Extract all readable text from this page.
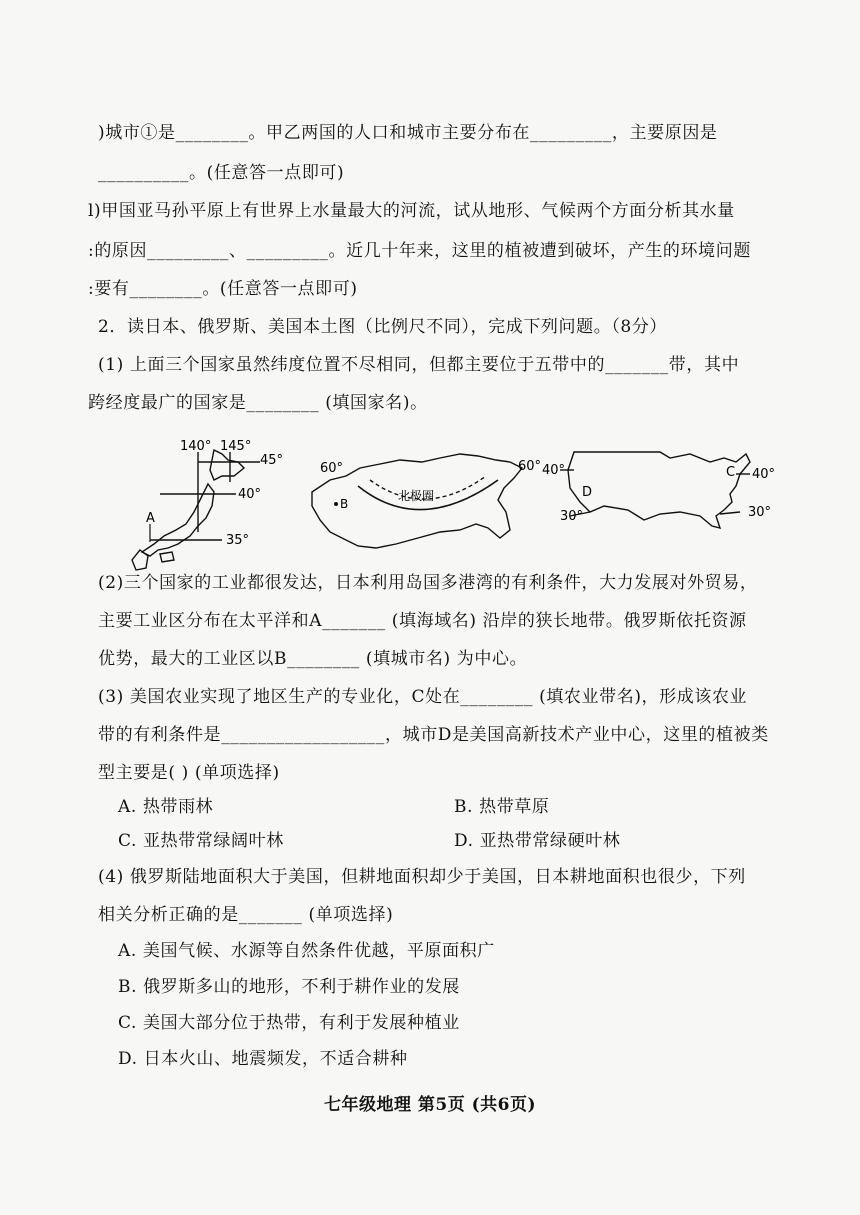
)城市①是________。甲乙两国的人口和城市主要分布在_________，主要原因是
__________。(任意答一点即可)
l)甲国亚马孙平原上有世界上水量最大的河流，试从地形、气候两个方面分析其水量
:的原因_________、_________。近几十年来，这里的植被遭到破坏，产生的环境问题
:要有________。(任意答一点即可)
2．读日本、俄罗斯、美国本土图（比例尺不同），完成下列问题。（8分）
(1) 上面三个国家虽然纬度位置不尽相同，但都主要位于五带中的_______带，其中
跨经度最广的国家是________ (填国家名)。
140° 145°
45°
40°
35°
A
60°	60°
北极圈
B
40°	40°
30°	30°
D
C
(2)三个国家的工业都很发达，日本利用岛国多港湾的有利条件，大力发展对外贸易，
主要工业区分布在太平洋和A_______ (填海域名) 沿岸的狭长地带。俄罗斯依托资源
优势，最大的工业区以B________ (填城市名) 为中心。
(3) 美国农业实现了地区生产的专业化，C处在________ (填农业带名)，形成该农业
带的有利条件是__________________，城市D是美国高新技术产业中心，这里的植被类
型主要是( ) (单项选择)
A. 热带雨林	B. 热带草原
C. 亚热带常绿阔叶林	D. 亚热带常绿硬叶林
(4) 俄罗斯陆地面积大于美国，但耕地面积却少于美国，日本耕地面积也很少，下列
相关分析正确的是_______ (单项选择)
A. 美国气候、水源等自然条件优越，平原面积广
B. 俄罗斯多山的地形，不利于耕作业的发展
C. 美国大部分位于热带，有利于发展种植业
D. 日本火山、地震频发，不适合耕种
七年级地理 第5页 (共6页)
